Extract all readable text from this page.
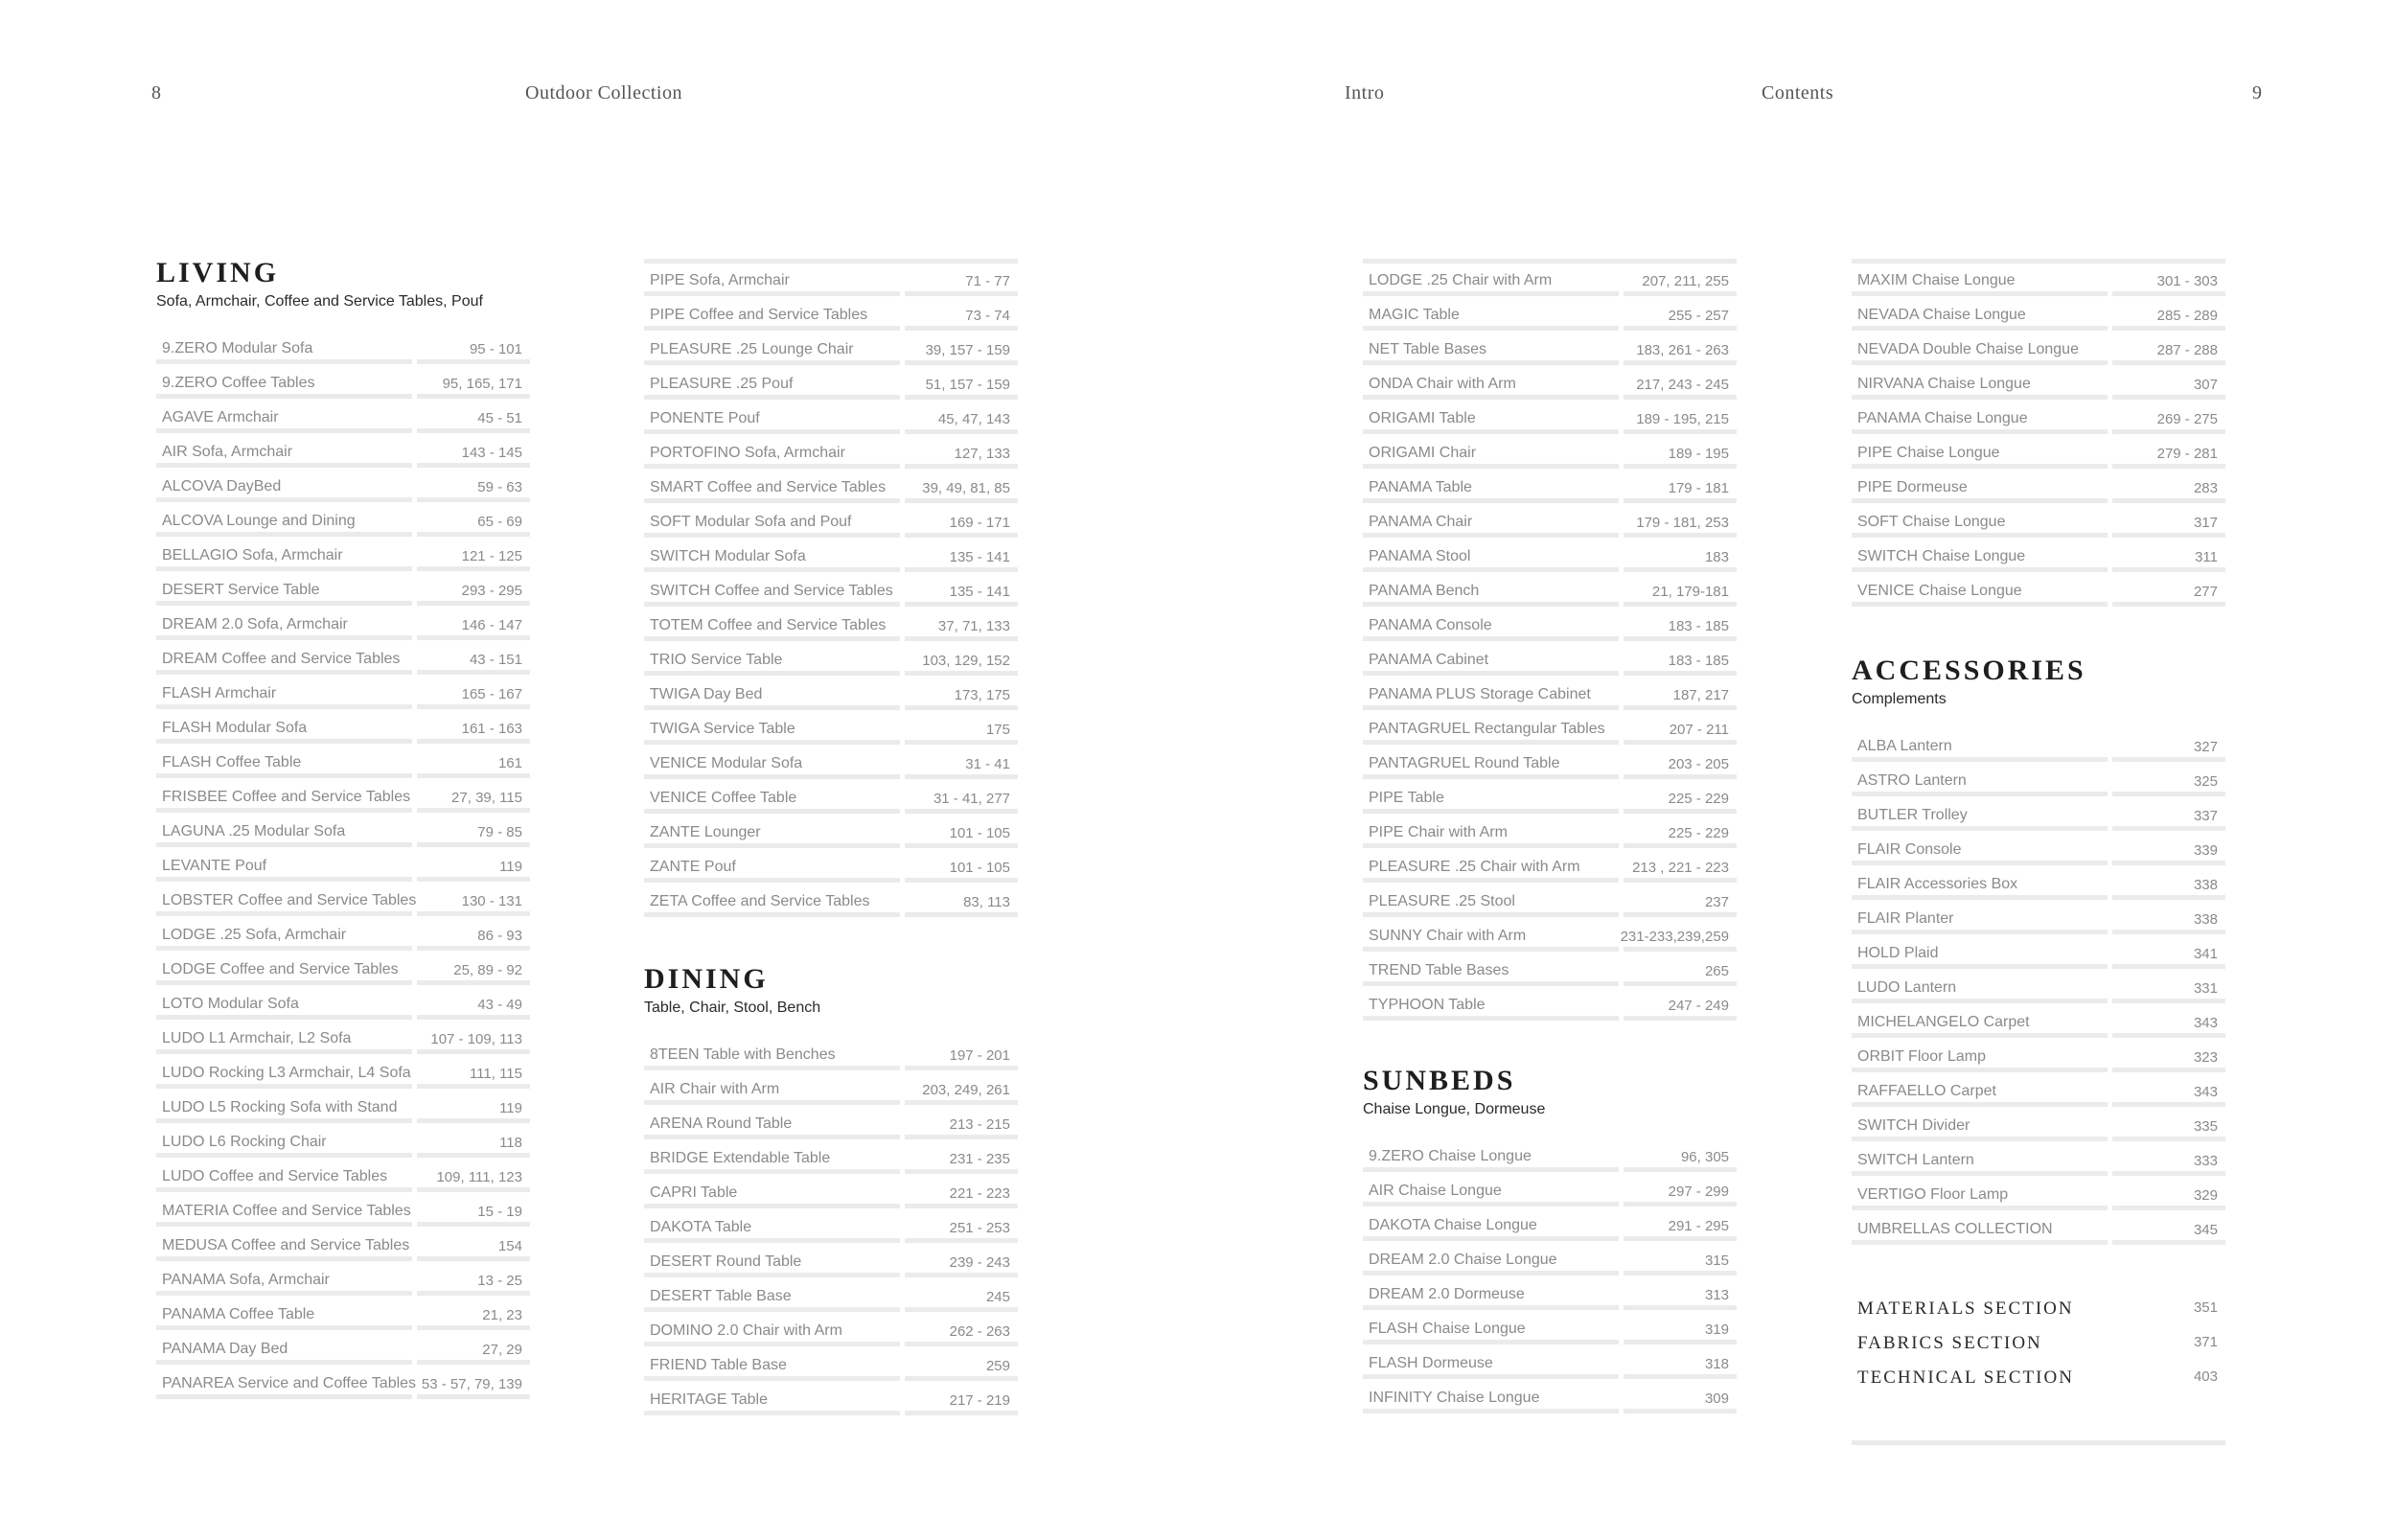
8	Outdoor Collection	Intro	Contents	9
LIVING
Sofa, Armchair, Coffee and Service Tables, Pouf
9.ZERO Modular Sofa	95 - 101
9.ZERO Coffee Tables	95, 165, 171
AGAVE Armchair	45 - 51
AIR Sofa, Armchair	143 - 145
ALCOVA DayBed	59 - 63
ALCOVA Lounge and Dining	65 - 69
BELLAGIO Sofa, Armchair	121 - 125
DESERT Service Table	293 - 295
DREAM 2.0 Sofa, Armchair	146 - 147
DREAM Coffee and Service Tables	43 - 151
FLASH Armchair	165 - 167
FLASH Modular Sofa	161 - 163
FLASH Coffee Table	161
FRISBEE Coffee and Service Tables	27, 39, 115
LAGUNA .25 Modular Sofa	79 - 85
LEVANTE Pouf	119
LOBSTER Coffee and Service Tables	130 - 131
LODGE .25 Sofa, Armchair	86 - 93
LODGE Coffee and Service Tables	25, 89 - 92
LOTO Modular Sofa	43 - 49
LUDO L1 Armchair, L2 Sofa	107 - 109, 113
LUDO Rocking L3 Armchair, L4 Sofa	111, 115
LUDO L5 Rocking Sofa with Stand	119
LUDO L6 Rocking Chair	118
LUDO Coffee and Service Tables	109, 111, 123
MATERIA Coffee and Service Tables	15 - 19
MEDUSA Coffee and Service Tables	154
PANAMA Sofa, Armchair	13 - 25
PANAMA Coffee Table	21, 23
PANAMA Day Bed	27, 29
PANAREA Service and Coffee Tables 53 - 57, 79, 139
PIPE Sofa, Armchair	71 - 77
PIPE Coffee and Service Tables	73 - 74
PLEASURE .25 Lounge Chair	39, 157 - 159
PLEASURE .25 Pouf	51, 157 - 159
PONENTE Pouf	45, 47, 143
PORTOFINO Sofa, Armchair	127, 133
SMART Coffee and Service Tables	39, 49, 81, 85
SOFT Modular Sofa and Pouf	169 - 171
SWITCH Modular Sofa	135 - 141
SWITCH Coffee and Service Tables	135 - 141
TOTEM Coffee and Service Tables	37, 71, 133
TRIO Service Table	103, 129, 152
TWIGA Day Bed	173, 175
TWIGA Service Table	175
VENICE Modular Sofa	31 - 41
VENICE Coffee Table	31 - 41, 277
ZANTE Lounger	101 - 105
ZANTE Pouf	101 - 105
ZETA Coffee and Service Tables	83, 113
DINING
Table, Chair, Stool, Bench
8TEEN Table with Benches	197 - 201
AIR Chair with Arm	203, 249, 261
ARENA Round Table	213 - 215
BRIDGE Extendable Table	231 - 235
CAPRI Table	221 - 223
DAKOTA Table	251 - 253
DESERT Round Table	239 - 243
DESERT Table Base	245
DOMINO 2.0 Chair with Arm	262 - 263
FRIEND Table Base	259
HERITAGE Table	217 - 219
LODGE .25 Chair with Arm	207, 211, 255
MAGIC Table	255 - 257
NET Table Bases	183, 261 - 263
ONDA Chair with Arm	217, 243 - 245
ORIGAMI Table	189 - 195, 215
ORIGAMI Chair	189 - 195
PANAMA Table	179 - 181
PANAMA Chair	179 - 181, 253
PANAMA Stool	183
PANAMA Bench	21, 179-181
PANAMA Console	183 - 185
PANAMA Cabinet	183 - 185
PANAMA PLUS Storage Cabinet	187, 217
PANTAGRUEL Rectangular Tables	207 - 211
PANTAGRUEL Round Table	203 - 205
PIPE Table	225 - 229
PIPE Chair with Arm	225 - 229
PLEASURE .25 Chair with Arm	213 , 221 - 223
PLEASURE .25 Stool	237
SUNNY Chair with Arm	231-233,239,259
TREND Table Bases	265
TYPHOON Table	247 - 249
SUNBEDS
Chaise Longue, Dormeuse
9.ZERO Chaise Longue	96, 305
AIR Chaise Longue	297 - 299
DAKOTA Chaise Longue	291 - 295
DREAM 2.0 Chaise Longue	315
DREAM 2.0 Dormeuse	313
FLASH Chaise Longue	319
FLASH Dormeuse	318
INFINITY Chaise Longue	309
MAXIM Chaise Longue	301 - 303
NEVADA Chaise Longue	285 - 289
NEVADA Double Chaise Longue	287 - 288
NIRVANA Chaise Longue	307
PANAMA Chaise Longue	269 - 275
PIPE Chaise Longue	279 - 281
PIPE Dormeuse	283
SOFT Chaise Longue	317
SWITCH Chaise Longue	311
VENICE Chaise Longue	277
ACCESSORIES
Complements
ALBA Lantern	327
ASTRO Lantern	325
BUTLER Trolley	337
FLAIR Console	339
FLAIR Accessories Box	338
FLAIR Planter	338
HOLD Plaid	341
LUDO Lantern	331
MICHELANGELO Carpet	343
ORBIT Floor Lamp	323
RAFFAELLO Carpet	343
SWITCH Divider	335
SWITCH Lantern	333
VERTIGO Floor Lamp	329
UMBRELLAS COLLECTION	345
MATERIALS SECTION	351
FABRICS SECTION	371
TECHNICAL SECTION	403
